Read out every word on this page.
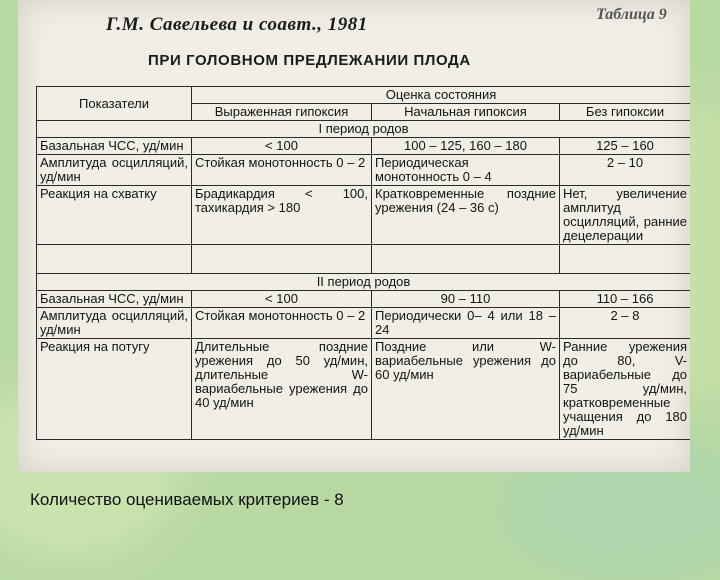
Г.М. Савельева и соавт., 1981	Таблица 9
ПРИ ГОЛОВНОМ ПРЕДЛЕЖАНИИ ПЛОДА
Показатели	Оценка состояния		
	Выраженная гипоксия	Начальная гипоксия	Без гипоксии
I период родов			
Базальная ЧСС, уд/мин	< 100	100 – 125, 160 – 180	125 – 160
Амплитуда осцилляций, уд/мин	Стойкая монотонность 0 – 2	Периодическая монотонность 0 – 4	2 – 10
Реакция на схватку	Брадикардия < 100, тахикардия > 180	Кратковременные поздние урежения (24 – 36 с)	Нет, увеличение амплитуд осцилляций, ранние децелерации

II период родов			
Базальная ЧСС, уд/мин	< 100	90 – 110	110 – 166
Амплитуда осцилляций, уд/мин	Стойкая монотонность 0 – 2	Периодически 0– 4 или 18 – 24	2 – 8
Реакция на потугу	Длительные поздние урежения до 50 уд/мин, длительные W-вариабельные урежения до 40 уд/мин	Поздние или W-вариабельные урежения до 60 уд/мин	Ранние урежения до 80, V-вариабельные до 75 уд/мин, кратковременные учащения до 180 уд/мин
Количество оцениваемых критериев - 8
